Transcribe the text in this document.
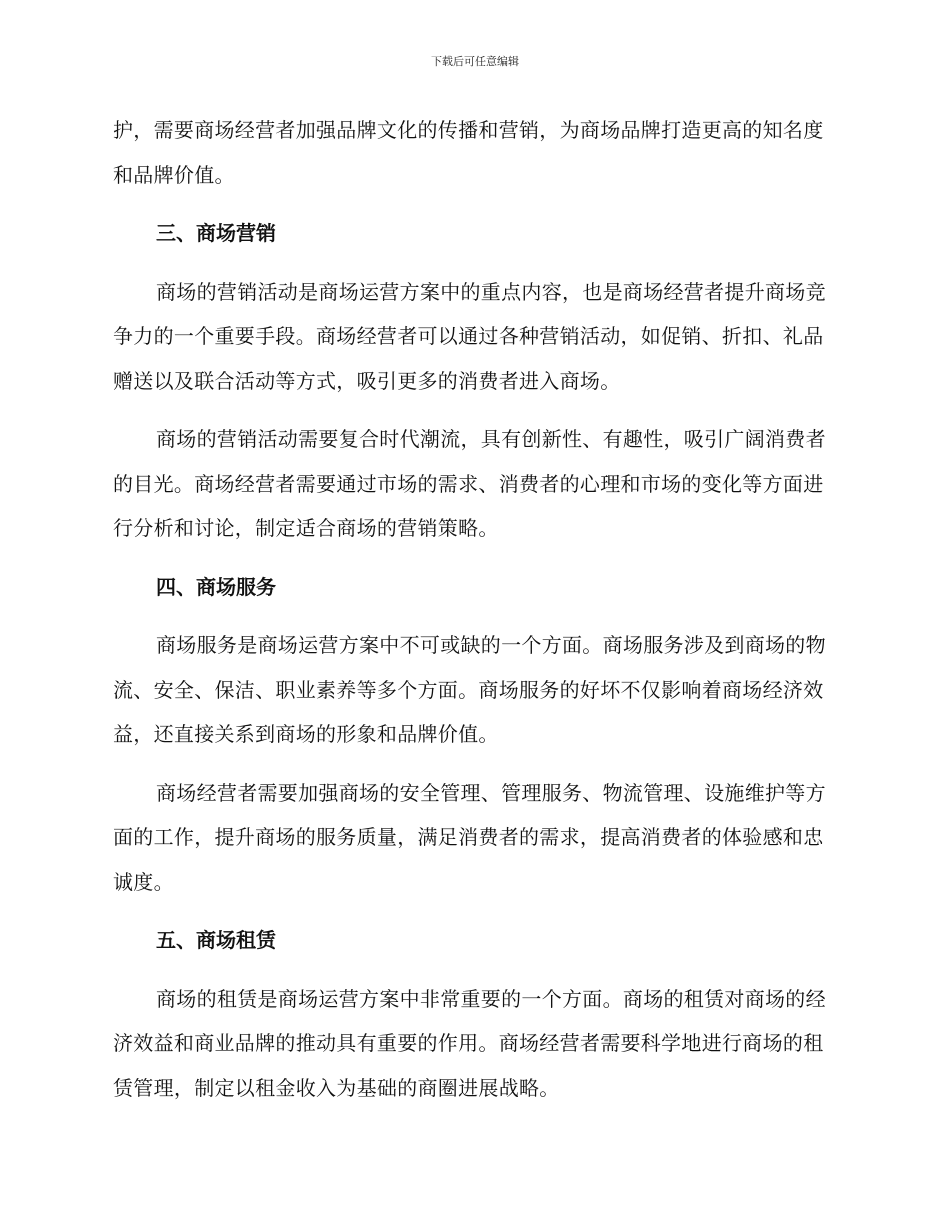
下载后可任意编辑

护，需要商场经营者加强品牌文化的传播和营销，为商场品牌打造更高的知名度和品牌价值。

三、商场营销

商场的营销活动是商场运营方案中的重点内容，也是商场经营者提升商场竞争力的一个重要手段。商场经营者可以通过各种营销活动，如促销、折扣、礼品赠送以及联合活动等方式，吸引更多的消费者进入商场。

商场的营销活动需要复合时代潮流，具有创新性、有趣性，吸引广阔消费者的目光。商场经营者需要通过市场的需求、消费者的心理和市场的变化等方面进行分析和讨论，制定适合商场的营销策略。

四、商场服务

商场服务是商场运营方案中不可或缺的一个方面。商场服务涉及到商场的物流、安全、保洁、职业素养等多个方面。商场服务的好坏不仅影响着商场经济效益，还直接关系到商场的形象和品牌价值。

商场经营者需要加强商场的安全管理、管理服务、物流管理、设施维护等方面的工作，提升商场的服务质量，满足消费者的需求，提高消费者的体验感和忠诚度。

五、商场租赁

商场的租赁是商场运营方案中非常重要的一个方面。商场的租赁对商场的经济效益和商业品牌的推动具有重要的作用。商场经营者需要科学地进行商场的租赁管理，制定以租金收入为基础的商圈进展战略。
